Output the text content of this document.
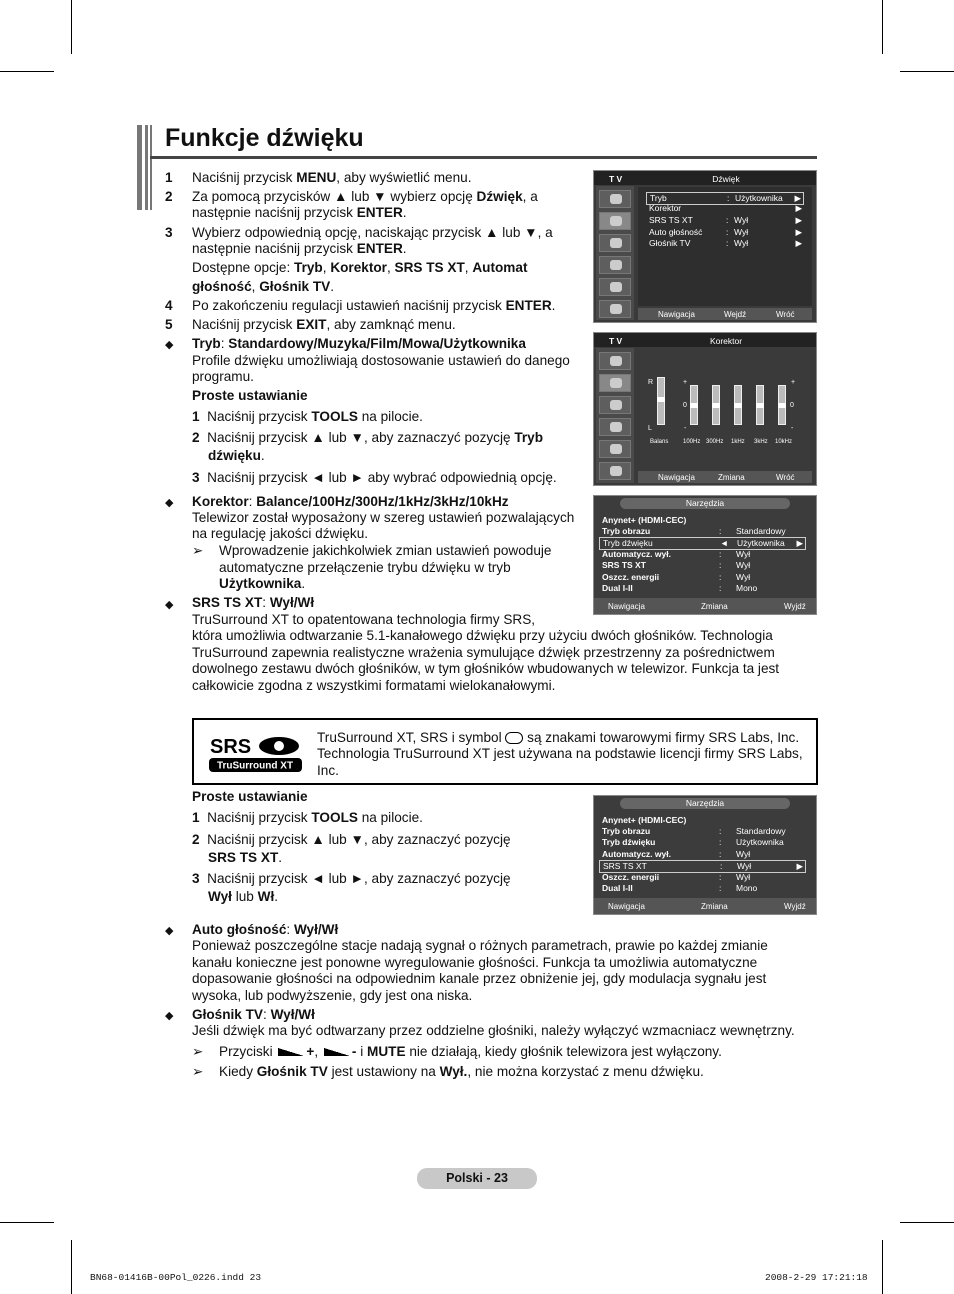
Funkcje dźwięku
1 Naciśnij przycisk MENU, aby wyświetlić menu.
2 Za pomocą przycisków ▲ lub ▼ wybierz opcję Dźwięk, a
następnie naciśnij przycisk ENTER.
3 Wybierz odpowiednią opcję, naciskając przycisk ▲ lub ▼, a
następnie naciśnij przycisk ENTER.
Dostępne opcje: Tryb, Korektor, SRS TS XT, Automat
głośność, Głośnik TV.
4 Po zakończeniu regulacji ustawień naciśnij przycisk ENTER.
5 Naciśnij przycisk EXIT, aby zamknąć menu.
◆ Tryb: Standardowy/Muzyka/Film/Mowa/Użytkownika
Profile dźwięku umożliwiają dostosowanie ustawień do danego
programu.
Proste ustawianie
1 Naciśnij przycisk TOOLS na pilocie.
2 Naciśnij przycisk ▲ lub ▼, aby zaznaczyć pozycję Tryb
dźwięku.
3 Naciśnij przycisk ◄ lub ► aby wybrać odpowiednią opcję.
◆ Korektor: Balance/100Hz/300Hz/1kHz/3kHz/10kHz
Telewizor został wyposażony w szereg ustawień pozwalających
na regulację jakości dźwięku.
➢ Wprowadzenie jakichkolwiek zmian ustawień powoduje
automatyczne przełączenie trybu dźwięku w tryb
Użytkownika.
◆ SRS TS XT: Wył/Wł
TruSurround XT to opatentowana technologia firmy SRS,
która umożliwia odtwarzanie 5.1-kanałowego dźwięku przy użyciu dwóch głośników. Technologia
TruSurround zapewnia realistyczne wrażenia symulujące dźwięk przestrzenny za pośrednictwem
dowolnego zestawu dwóch głośników, w tym głośników wbudowanych w telewizor. Funkcja ta jest
całkowicie zgodna z wszystkimi formatami wielokanałowymi.
SRS
TruSurround XT
TruSurround XT, SRS i symbol  są znakami towarowymi firmy SRS Labs, Inc.
Technologia TruSurround XT jest używana na podstawie licencji firmy SRS Labs,
Inc.
Proste ustawianie
1 Naciśnij przycisk TOOLS na pilocie.
2 Naciśnij przycisk ▲ lub ▼, aby zaznaczyć pozycję
SRS TS XT.
3 Naciśnij przycisk ◄ lub ►, aby zaznaczyć pozycję
Wył lub Wł.
◆ Auto głośność: Wył/Wł
Ponieważ poszczególne stacje nadają sygnał o różnych parametrach, prawie po każdej zmianie
kanału konieczne jest ponowne wyregulowanie głośności. Funkcja ta umożliwia automatyczne
dopasowanie głośności na odpowiednim kanale przez obniżenie jej, gdy modulacja sygnału jest
wysoka, lub podwyższenie, gdy jest ona niska.
◆ Głośnik TV: Wył/Wł
Jeśli dźwięk ma być odtwarzany przez oddzielne głośniki, należy wyłączyć wzmacniacz wewnętrzny.
➢ Przyciski +, - i MUTE nie działają, kiedy głośnik telewizora jest wyłączony.
➢ Kiedy Głośnik TV jest ustawiony na Wył., nie można korzystać z menu dźwięku.
T V	Dźwięk
Tryb	: Użytkownika ▶
Korektor	▶
SRS TS XT	: Wył	▶
Auto głośność	: Wył	▶
Głośnik TV	: Wył	▶
Nawigacja	Wejdź	Wróć
T V	Korektor
R
L
+
0
-
+
0
-
Balans 100Hz 300Hz 1kHz 3kHz 10kHz
Nawigacja	Zmiana	Wróć
Narzędzia
Anynet+ (HDMI-CEC)
Tryb obrazu	: Standardowy
Tryb dźwięku	◄ Użytkownika ▶
Automatycz. wył.	: Wył
SRS TS XT	: Wył
Oszcz. energii	: Wył
Dual I-II	: Mono
Nawigacja	Zmiana	Wyjdź
Narzędzia
Anynet+ (HDMI-CEC)
Tryb obrazu	: Standardowy
Tryb dźwięku	: Użytkownika
Automatycz. wył.	: Wył
SRS TS XT	: Wył	▶
Oszcz. energii	: Wył
Dual I-II	: Mono
Nawigacja	Zmiana	Wyjdź
Polski - 23
BN68-01416B-00Pol_0226.indd 23	2008-2-29 17:21:18
